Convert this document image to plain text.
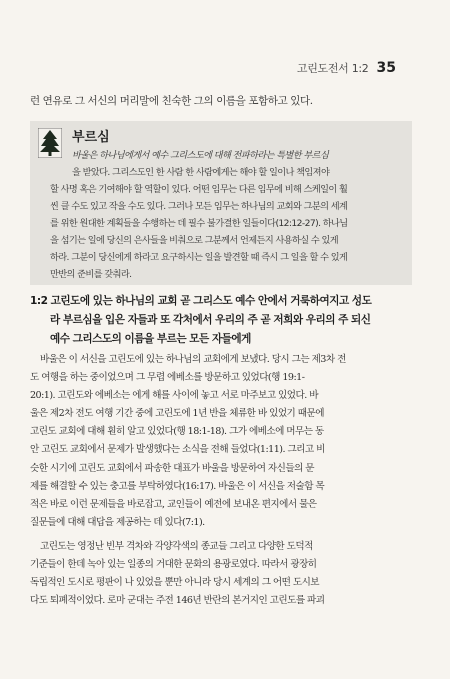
고린도전서 1:2 35
런 연유로 그 서신의 머리말에 친숙한 그의 이름을 포함하고 있다.
부르심
바울은 하나님에게서 예수 그리스도에 대해 전파하라는 특별한 부르심
을 받았다. 그리스도인 한 사람 한 사람에게는 해야 할 일이나 책임져야
할 사명 혹은 기여해야 할 역할이 있다. 어떤 임무는 다른 임무에 비해 스케일이 훨
씬 클 수도 있고 작을 수도 있다. 그러나 모든 임무는 하나님의 교회와 그분의 세계
를 위한 원대한 계획들을 수행하는 데 필수 불가결한 일들이다(12:12-27). 하나님
을 섬기는 일에 당신의 은사들을 비춰으로 그분께서 언제든지 사용하실 수 있게
하라. 그분이 당신에게 하라고 요구하시는 일을 발견할 때 즉시 그 일을 할 수 있게
만반의 준비를 갖춰라.
1:2 고린도에 있는 하나님의 교회 곧 그리스도 예수 안에서 거룩하여지고 성도
라 부르심을 입은 자들과 또 각처에서 우리의 주 곧 저희와 우리의 주 되신
예수 그리스도의 이름을 부르는 모든 자들에게
바울은 이 서신을 고린도에 있는 하나님의 교회에게 보냈다. 당시 그는 제3차 전
도 여행을 하는 중이었으며 그 무렵 에베소를 방문하고 있었다(행 19:1-
20:1). 고린도와 에베소는 에게 해를 사이에 놓고 서로 마주보고 있었다. 바
울은 제2차 전도 여행 기간 중에 고린도에 1년 반을 체류한 바 있었기 때문에
고린도 교회에 대해 훤히 알고 있었다(행 18:1-18). 그가 에베소에 머무는 동
안 고린도 교회에서 문제가 발생했다는 소식을 전해 들었다(1:11). 그리고 비
슷한 시기에 고린도 교회에서 파송한 대표가 바울을 방문하여 자신들의 문
제를 해결할 수 있는 충고를 부탁하였다(16:17). 바울은 이 서신을 저술함 목
적은 바로 이런 문제들을 바로잡고, 교인들이 예전에 보내온 편지에서 물은
질문들에 대해 대답을 제공하는 데 있다(7:1).
고린도는 영정난 빈부 격차와 각양각색의 종교들 그리고 다양한 도덕적
기준들이 한데 녹아 있는 일종의 거대한 문화의 용광로였다. 따라서 광장히
독립적인 도시로 평판이 나 있었을 뿐만 아니라 당시 세계의 그 어떤 도시보
다도 퇴폐적이었다. 로마 군대는 주전 146년 반란의 본거지인 고린도를 파괴
